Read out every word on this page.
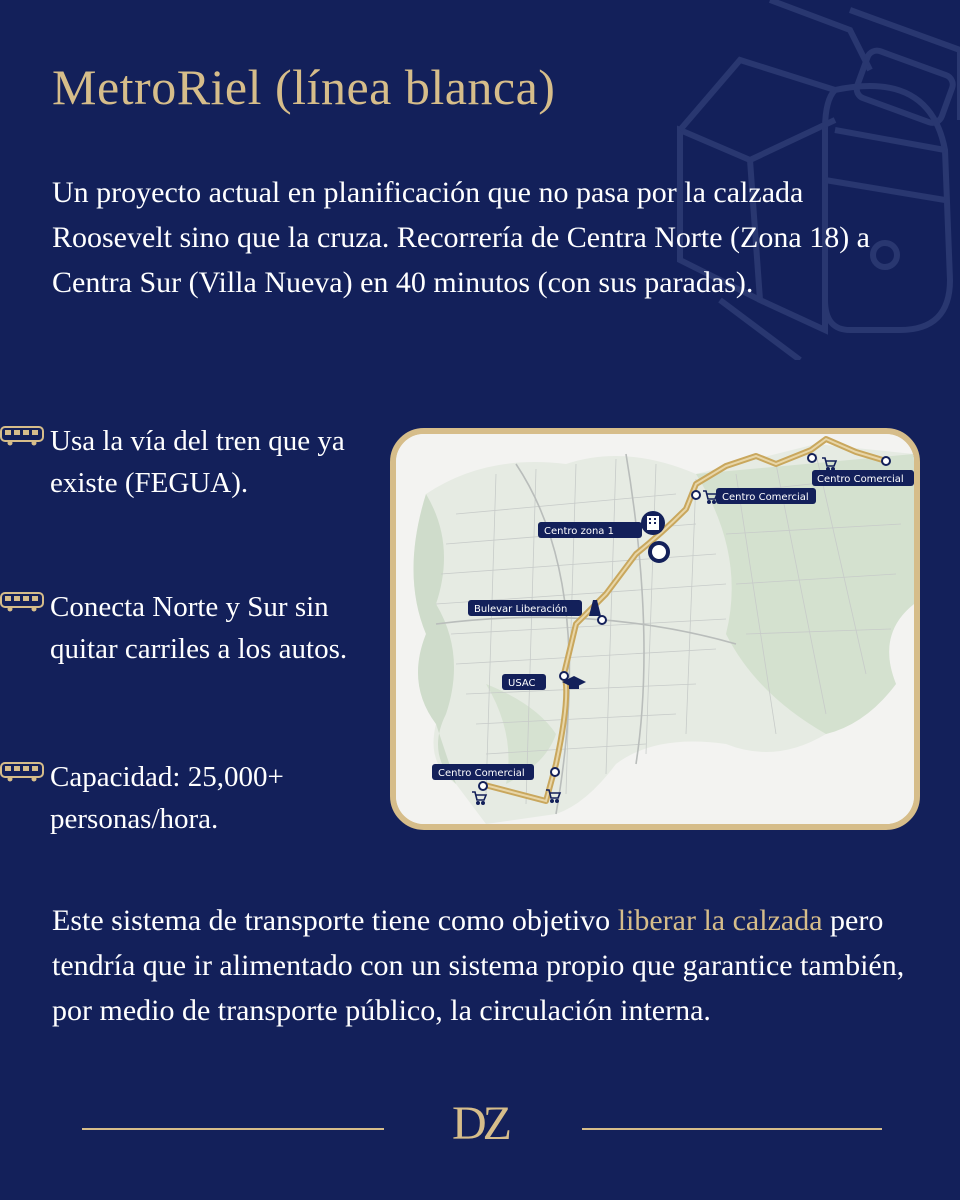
MetroRiel (línea blanca)

Un proyecto actual en planificación que no pasa por la calzada Roosevelt sino que la cruza. Recorrería de Centra Norte (Zona 18) a Centra Sur (Villa Nueva) en 40 minutos (con sus paradas).

Usa la vía del tren que ya existe (FEGUA).
Conecta Norte y Sur sin quitar carriles a los autos.
Capacidad: 25,000+ personas/hora.
Centro Comercial
Centro Comercial
Centro zona 1
Bulevar Liberación
USAC
Centro Comercial

Este sistema de transporte tiene como objetivo liberar la calzada pero tendría que ir alimentado con un sistema propio que garantice también, por medio de transporte público, la circulación interna.

DZ
